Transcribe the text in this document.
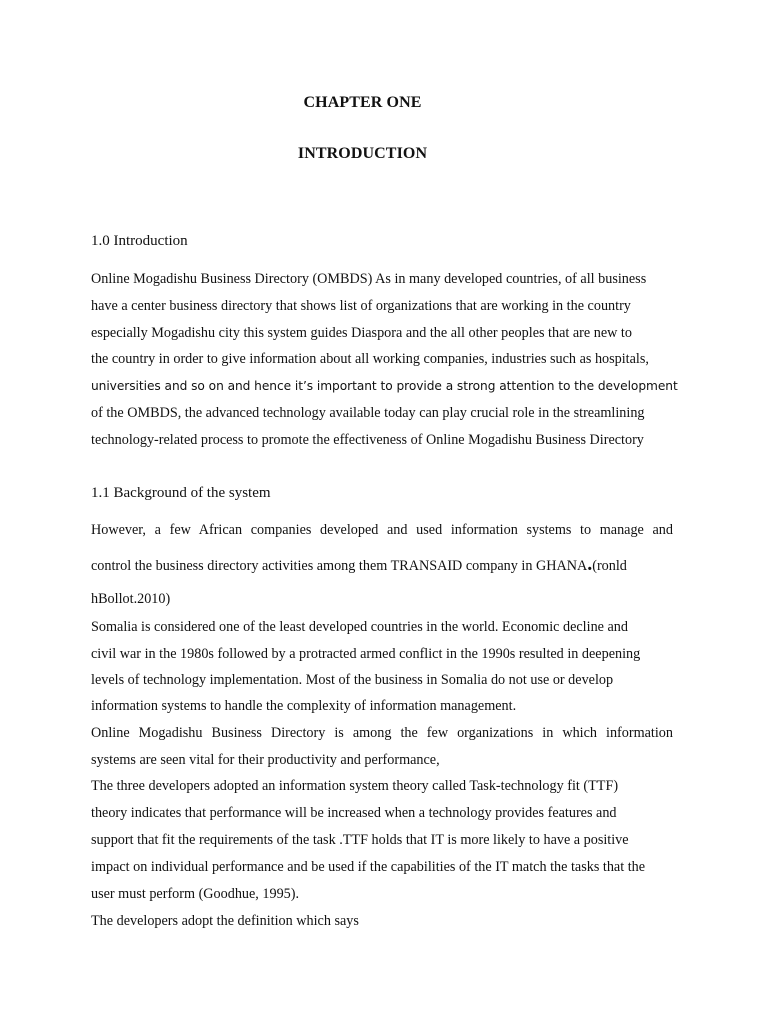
CHAPTER ONE
INTRODUCTION
1.0 Introduction
Online Mogadishu Business Directory (OMBDS) As in many developed countries, of all business
have a center business directory that shows list of organizations that are working in the country
especially Mogadishu city this system guides Diaspora and the all other peoples that are new to
the country in order to give information about all working companies, industries such as hospitals,
universities and so on and hence it’s important to provide a strong attention to the development
of the OMBDS, the advanced technology available today can play crucial role in the streamlining
technology-related process to promote the effectiveness of Online Mogadishu Business Directory
1.1 Background of the system
However, a few African companies developed and used information systems to manage and
control the business directory activities among them TRANSAID company in GHANA.(ronld
hBollot.2010)
Somalia is considered one of the least developed countries in the world. Economic decline and
civil war in the 1980s followed by a protracted armed conflict in the 1990s resulted in deepening
levels of technology implementation. Most of the business in Somalia do not use or develop
information systems to handle the complexity of information management.
Online Mogadishu Business Directory is among the few organizations in which information
systems are seen vital for their productivity and performance,
The three developers adopted an information system theory called Task-technology fit (TTF)
theory indicates that performance will be increased when a technology provides features and
support that fit the requirements of the task .TTF holds that IT is more likely to have a positive
impact on individual performance and be used if the capabilities of the IT match the tasks that the
user must perform (Goodhue, 1995).
The developers adopt the definition which says
